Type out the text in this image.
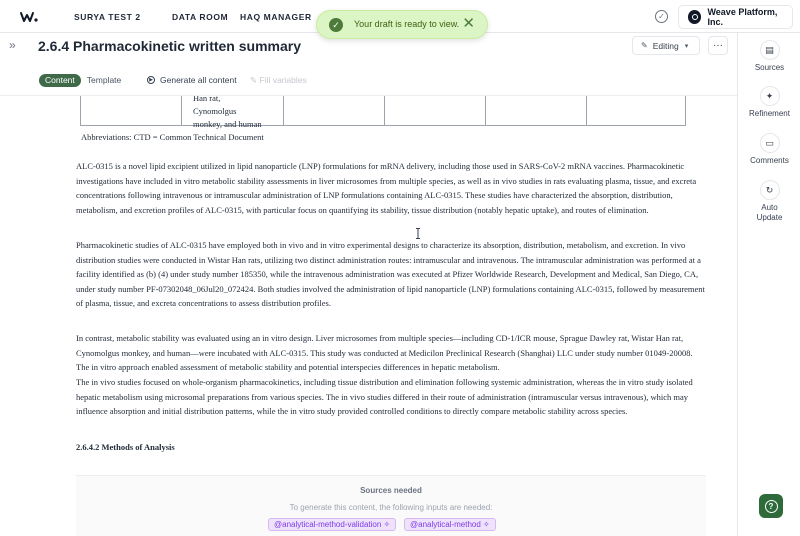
SURYA TEST 2	DATA ROOM HAQ MANAGER	✓	Weave Platform, Inc.
✓	Your draft is ready to view. ✕
» 2.6.4 Pharmacokinetic written summary	✎ Editing ▾	···
Content	Template	▶ Generate all content ✎ Fill variables
Han rat,
Cynomolgus
monkey, and human
Abbreviations: CTD = Common Technical Document

ALC-0315 is a novel lipid excipient utilized in lipid nanoparticle (LNP) formulations for mRNA delivery, including those used in SARS-CoV-2 mRNA vaccines. Pharmacokinetic investigations have included in vitro metabolic stability assessments in liver microsomes from multiple species, as well as in vivo studies in rats evaluating plasma, tissue, and excreta concentrations following intravenous or intramuscular administration of LNP formulations containing ALC-0315. These studies have characterized the absorption, distribution, metabolism, and excretion profiles of ALC-0315, with particular focus on quantifying its stability, tissue distribution (notably hepatic uptake), and routes of elimination.

Pharmacokinetic studies of ALC-0315 have employed both in vivo and in vitro experimental designs to characterize its absorption, distribution, metabolism, and excretion. In vivo distribution studies were conducted in Wistar Han rats, utilizing two distinct administration routes: intramuscular and intravenous. The intramuscular administration was performed at a facility identified as (b) (4) under study number 185350, while the intravenous administration was executed at Pfizer Worldwide Research, Development and Medical, San Diego, CA, under study number PF-07302048_06Jul20_072424. Both studies involved the administration of lipid nanoparticle (LNP) formulations containing ALC-0315, followed by measurement of plasma, tissue, and excreta concentrations to assess distribution profiles.

In contrast, metabolic stability was evaluated using an in vitro design. Liver microsomes from multiple species—including CD-1/ICR mouse, Sprague Dawley rat, Wistar Han rat, Cynomolgus monkey, and human—were incubated with ALC-0315. This study was conducted at Medicilon Preclinical Research (Shanghai) LLC under study number 01049-20008. The in vitro approach enabled assessment of metabolic stability and potential interspecies differences in hepatic metabolism.

The in vivo studies focused on whole-organism pharmacokinetics, including tissue distribution and elimination following systemic administration, whereas the in vitro study isolated hepatic metabolism using microsomal preparations from various species. The in vivo studies differed in their route of administration (intramuscular versus intravenous), which may influence absorption and initial distribution patterns, while the in vitro study provided controlled conditions to directly compare metabolic stability across species.

2.6.4.2 Methods of Analysis
Sources needed
To generate this content, the following inputs are needed:
@analytical-method-validation ✧	@analytical-method ✧
▤
Sources
✦
Refinement
▭
Comments
↻
Auto Update
?
